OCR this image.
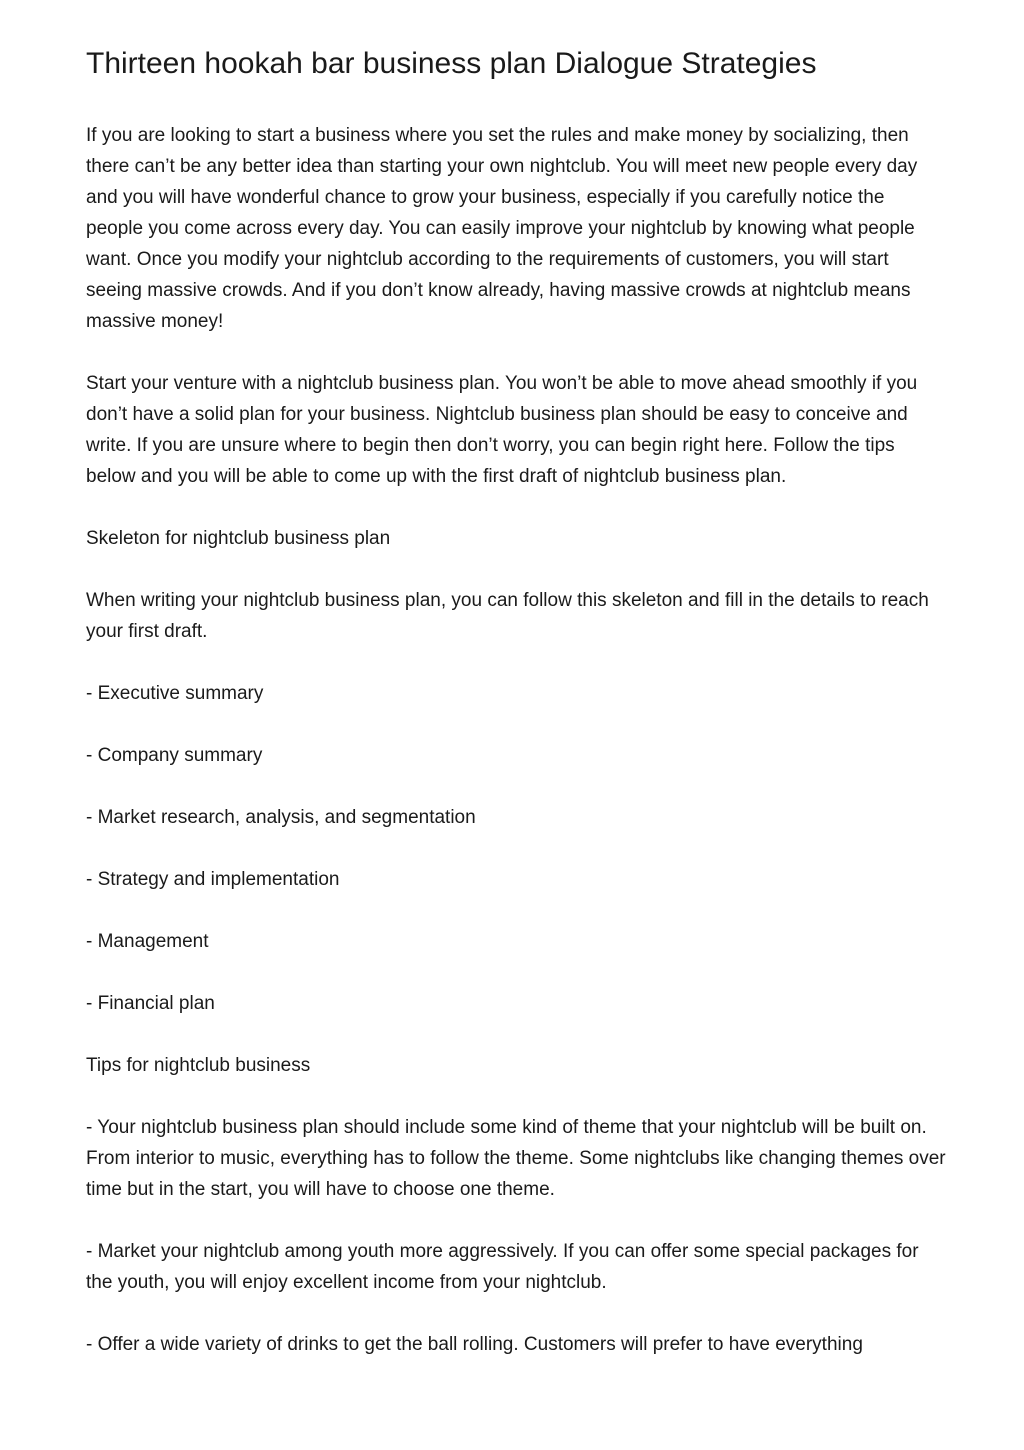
Thirteen hookah bar business plan Dialogue Strategies

If you are looking to start a business where you set the rules and make money by socializing, then there can’t be any better idea than starting your own nightclub. You will meet new people every day and you will have wonderful chance to grow your business, especially if you carefully notice the people you come across every day. You can easily improve your nightclub by knowing what people want. Once you modify your nightclub according to the requirements of customers, you will start seeing massive crowds. And if you don’t know already, having massive crowds at nightclub means massive money!

Start your venture with a nightclub business plan. You won’t be able to move ahead smoothly if you don’t have a solid plan for your business. Nightclub business plan should be easy to conceive and write. If you are unsure where to begin then don’t worry, you can begin right here. Follow the tips below and you will be able to come up with the first draft of nightclub business plan.

Skeleton for nightclub business plan

When writing your nightclub business plan, you can follow this skeleton and fill in the details to reach your first draft.

- Executive summary

- Company summary

- Market research, analysis, and segmentation

- Strategy and implementation

- Management

- Financial plan

Tips for nightclub business

- Your nightclub business plan should include some kind of theme that your nightclub will be built on. From interior to music, everything has to follow the theme. Some nightclubs like changing themes over time but in the start, you will have to choose one theme.

- Market your nightclub among youth more aggressively. If you can offer some special packages for the youth, you will enjoy excellent income from your nightclub.

- Offer a wide variety of drinks to get the ball rolling. Customers will prefer to have everything
